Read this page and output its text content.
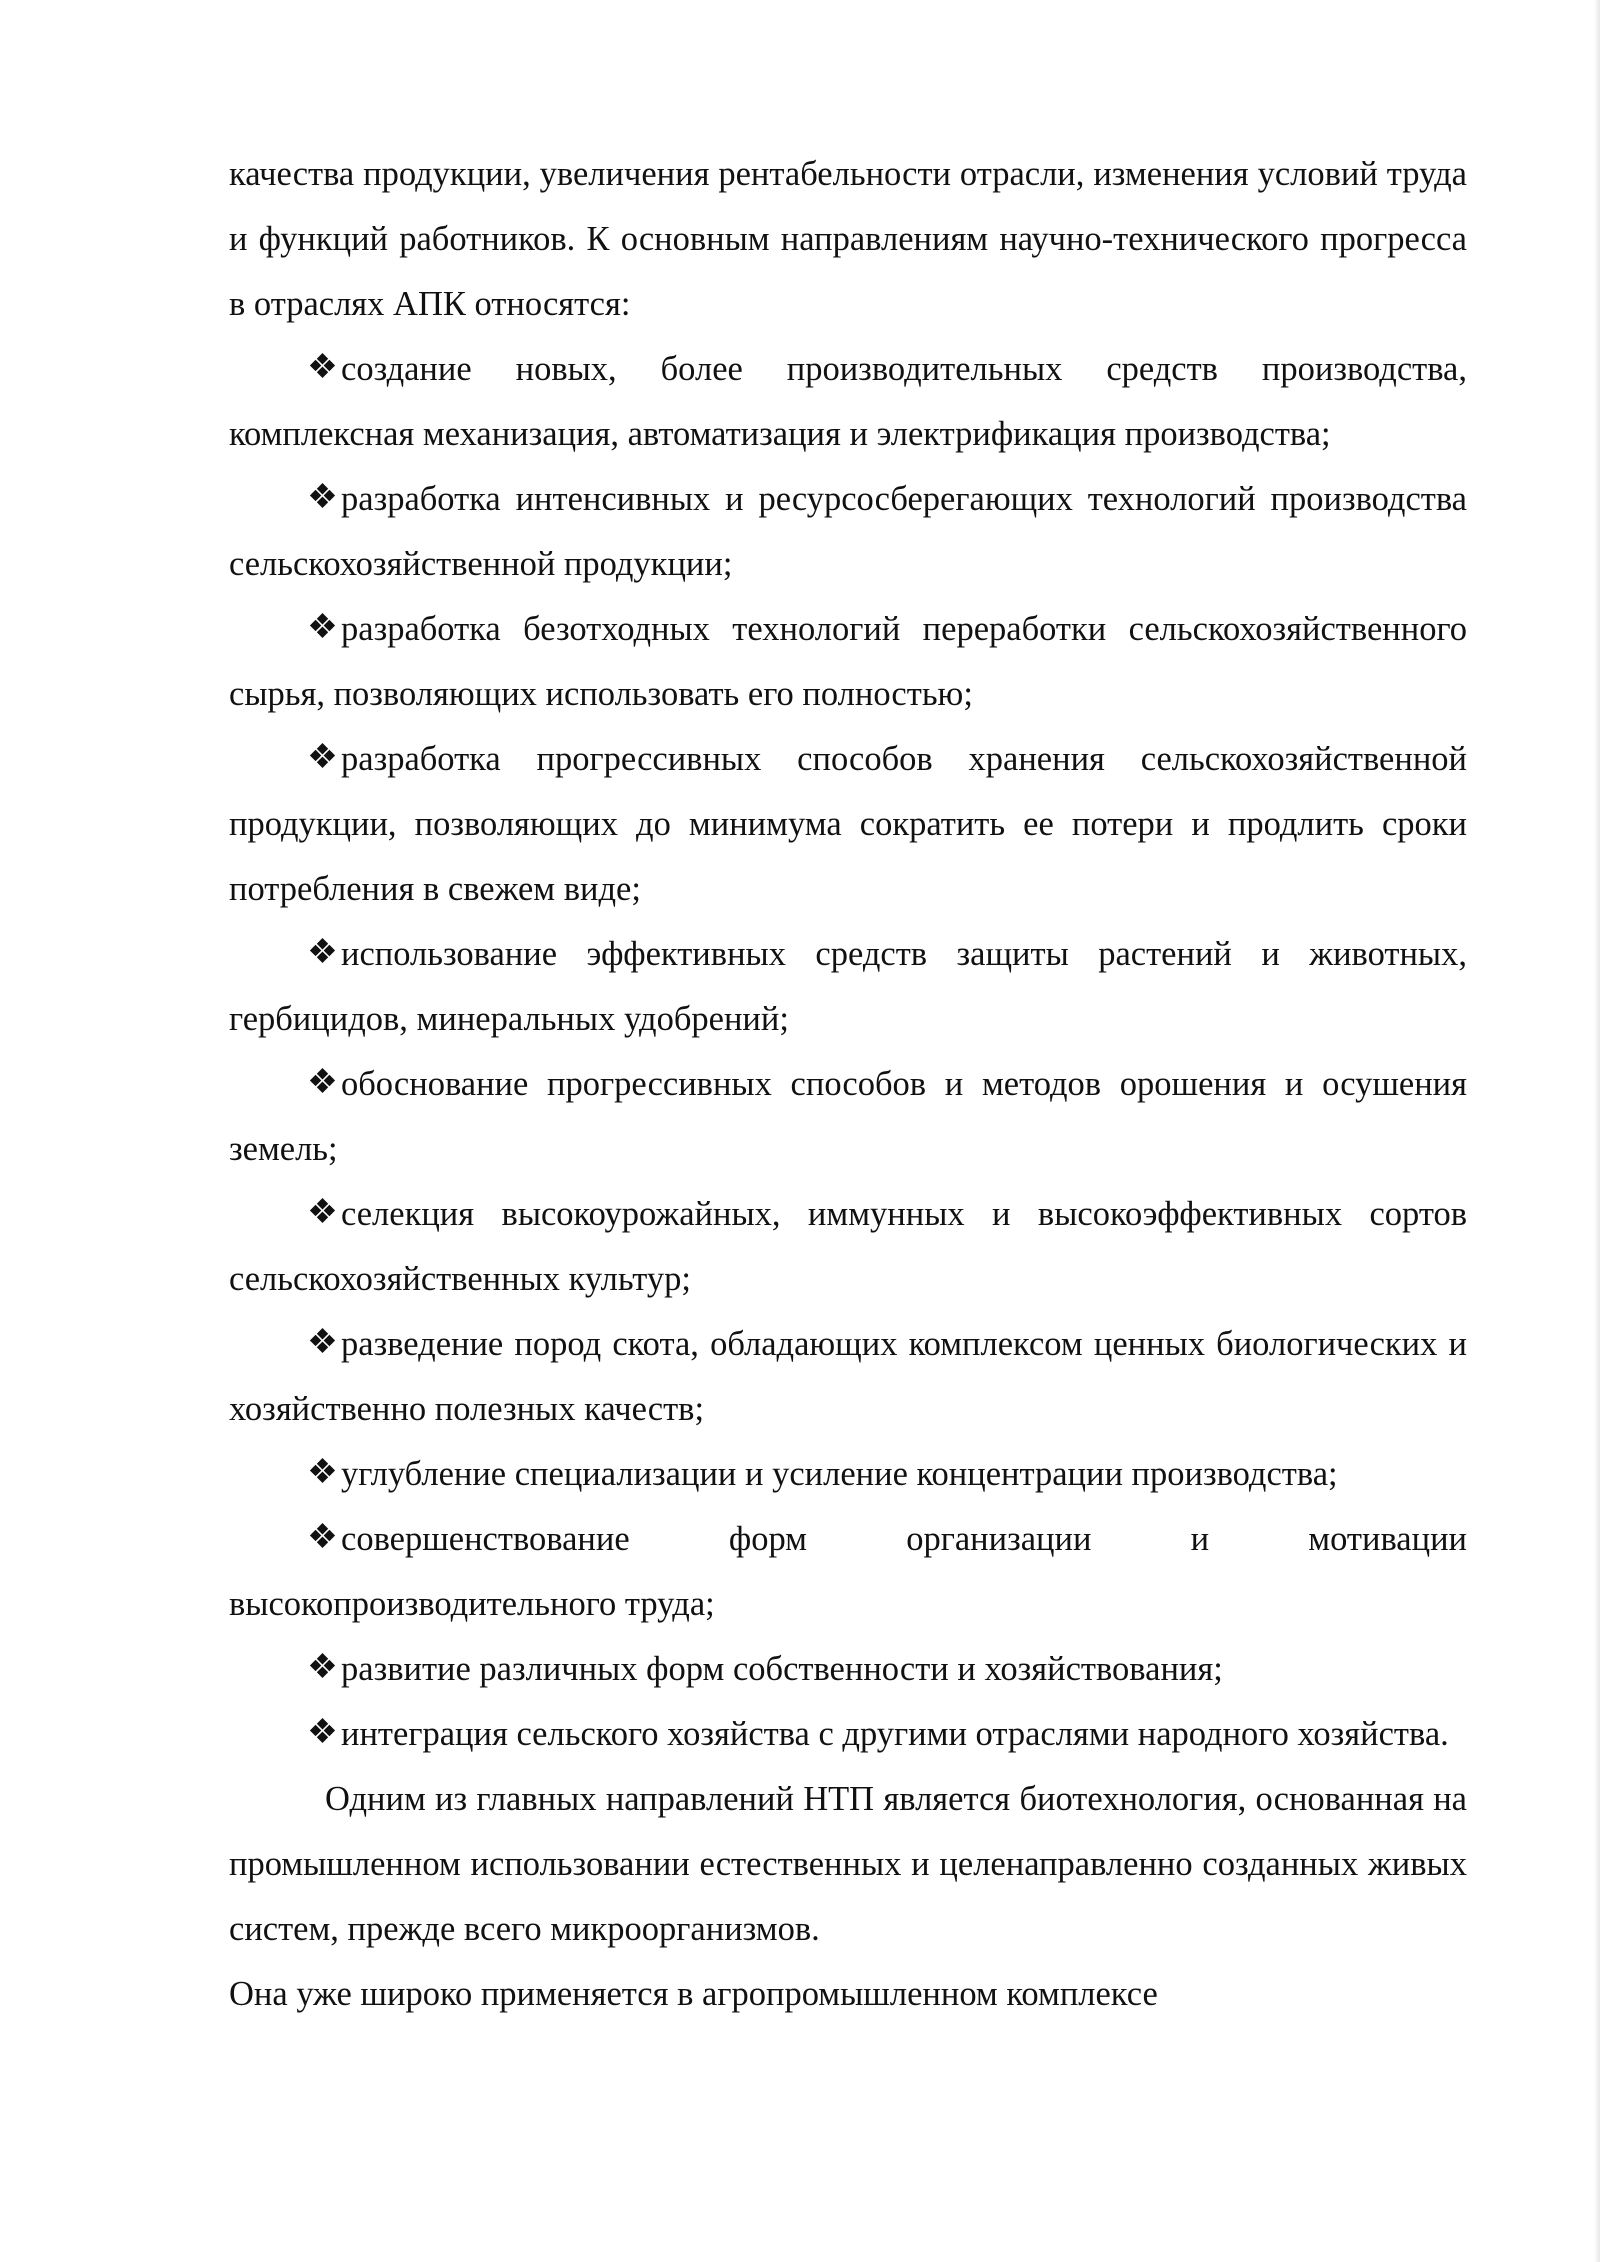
качества продукции, увеличения рентабельности отрасли, изменения условий труда и функций работников. К основным направлениям научно-технического прогресса в отраслях АПК относятся:

❖создание новых, более производительных средств производства, комплексная механизация, автоматизация и электрификация производства;

❖разработка интенсивных и ресурсосберегающих технологий производства сельскохозяйственной продукции;

❖разработка безотходных технологий переработки сельскохозяйственного сырья, позволяющих использовать его полностью;

❖разработка прогрессивных способов хранения сельскохозяйственной продукции, позволяющих до минимума сократить ее потери и продлить сроки потребления в свежем виде;

❖использование эффективных средств защиты растений и животных, гербицидов, минеральных удобрений;

❖обоснование прогрессивных способов и методов орошения и осушения земель;

❖селекция высокоурожайных, иммунных и высокоэффективных сортов сельскохозяйственных культур;

❖разведение пород скота, обладающих комплексом ценных биологических и хозяйственно полезных качеств;

❖углубление специализации и усиление концентрации производства;

❖совершенствование форм организации и мотивации высокопроизводительного труда;

❖развитие различных форм собственности и хозяйствования;

❖интеграция сельского хозяйства с другими отраслями народного хозяйства.

Одним из главных направлений НТП является биотехнология, основанная на промышленном использовании естественных и целенаправленно созданных живых систем, прежде всего микроорганизмов.

Она уже широко применяется в агропромышленном комплексе
